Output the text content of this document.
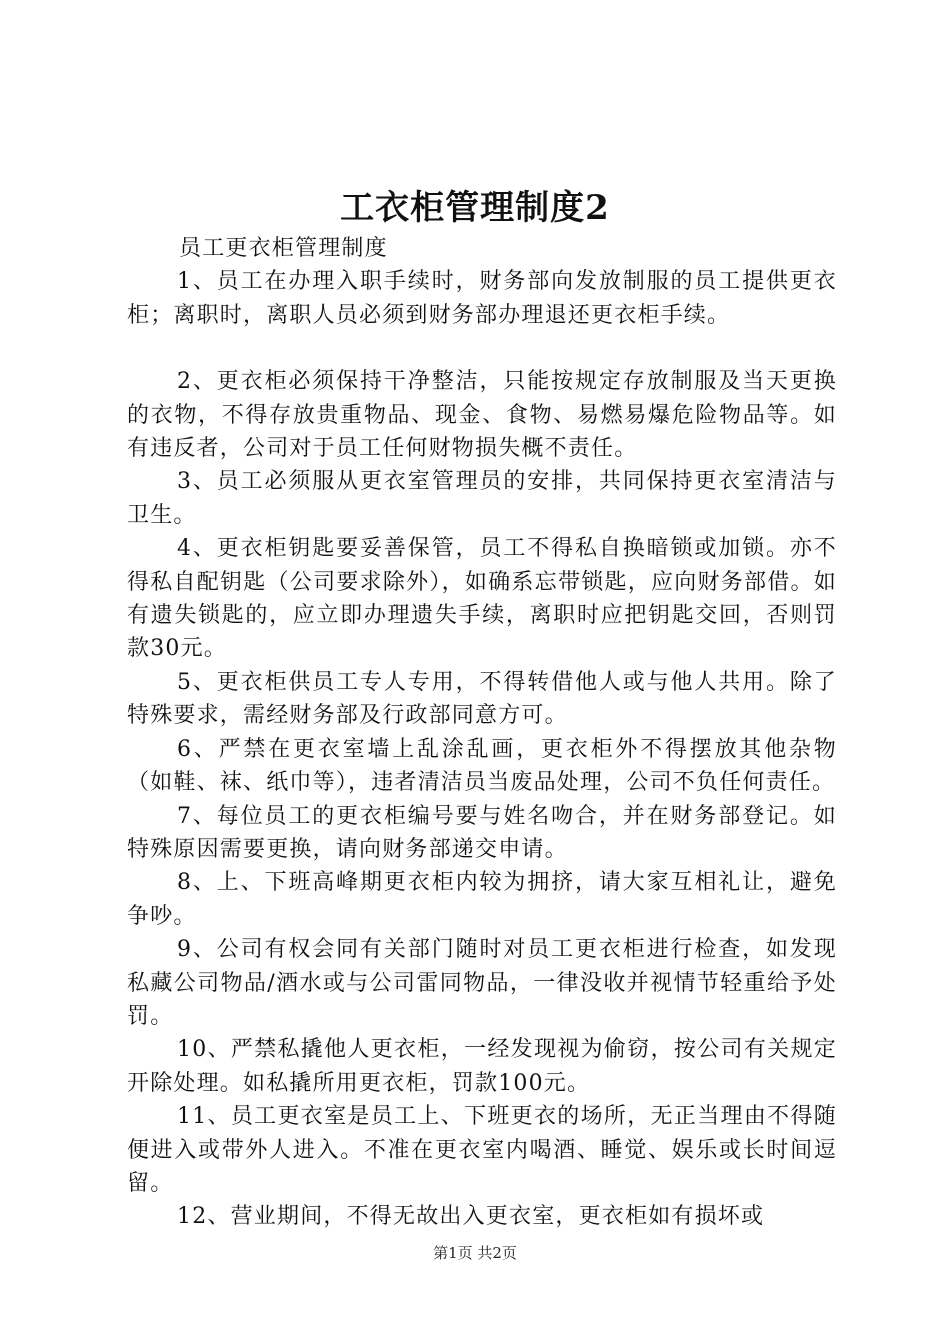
工衣柜管理制度2

员工更衣柜管理制度

1、员工在办理入职手续时，财务部向发放制服的员工提供更衣柜；离职时，离职人员必须到财务部办理退还更衣柜手续。

2、更衣柜必须保持干净整洁，只能按规定存放制服及当天更换的衣物，不得存放贵重物品、现金、食物、易燃易爆危险物品等。如有违反者，公司对于员工任何财物损失概不责任。

3、员工必须服从更衣室管理员的安排，共同保持更衣室清洁与卫生。

4、更衣柜钥匙要妥善保管，员工不得私自换暗锁或加锁。亦不得私自配钥匙（公司要求除外），如确系忘带锁匙，应向财务部借。如有遗失锁匙的，应立即办理遗失手续，离职时应把钥匙交回，否则罚款30元。

5、更衣柜供员工专人专用，不得转借他人或与他人共用。除了特殊要求，需经财务部及行政部同意方可。

6、严禁在更衣室墙上乱涂乱画，更衣柜外不得摆放其他杂物（如鞋、袜、纸巾等），违者清洁员当废品处理，公司不负任何责任。

7、每位员工的更衣柜编号要与姓名吻合，并在财务部登记。如特殊原因需要更换，请向财务部递交申请。

8、上、下班高峰期更衣柜内较为拥挤，请大家互相礼让，避免争吵。

9、公司有权会同有关部门随时对员工更衣柜进行检查，如发现私藏公司物品/酒水或与公司雷同物品，一律没收并视情节轻重给予处罚。

10、严禁私撬他人更衣柜，一经发现视为偷窃，按公司有关规定开除处理。如私撬所用更衣柜，罚款100元。

11、员工更衣室是员工上、下班更衣的场所，无正当理由不得随便进入或带外人进入。不准在更衣室内喝酒、睡觉、娱乐或长时间逗留。

12、营业期间，不得无故出入更衣室，更衣柜如有损坏或

第1页 共2页
